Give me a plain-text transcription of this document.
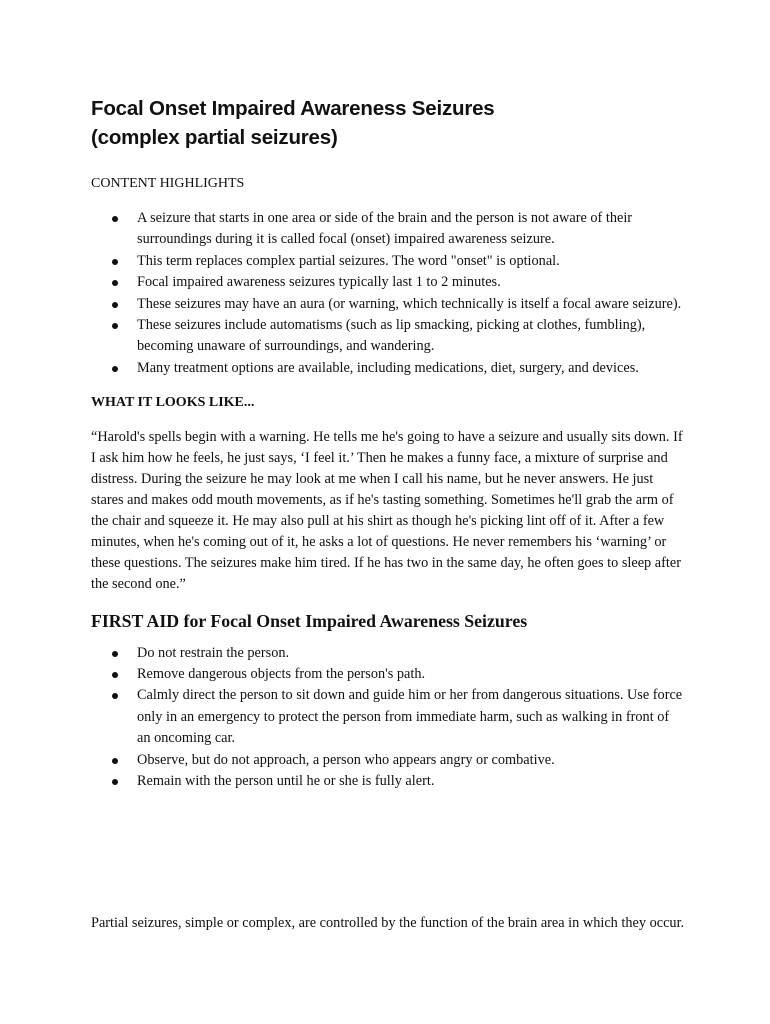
Focal Onset Impaired Awareness Seizures
(complex partial seizures)

CONTENT HIGHLIGHTS

A seizure that starts in one area or side of the brain and the person is not aware of their surroundings during it is called focal (onset) impaired awareness seizure.
This term replaces complex partial seizures. The word "onset" is optional.
Focal impaired awareness seizures typically last 1 to 2 minutes.
These seizures may have an aura (or warning, which technically is itself a focal aware seizure).
These seizures include automatisms (such as lip smacking, picking at clothes, fumbling), becoming unaware of surroundings, and wandering.
Many treatment options are available, including medications, diet, surgery, and devices.

WHAT IT LOOKS LIKE...

“Harold's spells begin with a warning. He tells me he's going to have a seizure and usually sits down. If I ask him how he feels, he just says, ‘I feel it.’ Then he makes a funny face, a mixture of surprise and distress. During the seizure he may look at me when I call his name, but he never answers. He just stares and makes odd mouth movements, as if he's tasting something. Sometimes he'll grab the arm of the chair and squeeze it. He may also pull at his shirt as though he's picking lint off of it. After a few minutes, when he's coming out of it, he asks a lot of questions. He never remembers his ‘warning’ or these questions. The seizures make him tired. If he has two in the same day, he often goes to sleep after the second one.”

FIRST AID for Focal Onset Impaired Awareness Seizures
Do not restrain the person.
Remove dangerous objects from the person's path.
Calmly direct the person to sit down and guide him or her from dangerous situations. Use force only in an emergency to protect the person from immediate harm, such as walking in front of an oncoming car.
Observe, but do not approach, a person who appears angry or combative.
Remain with the person until he or she is fully alert.

Partial seizures, simple or complex, are controlled by the function of the brain area in which they occur.
